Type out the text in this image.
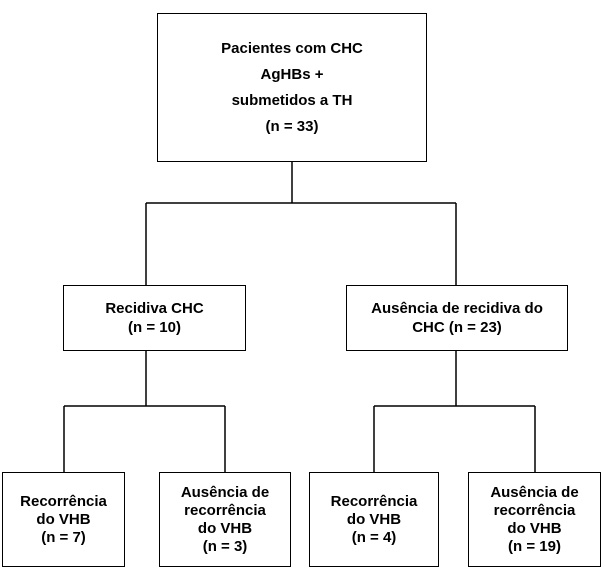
Pacientes com CHC
AgHBs +
submetidos a TH
(n = 33)
Recidiva CHC
(n = 10)
Ausência de recidiva do
CHC (n = 23)
Recorrência
do VHB
(n = 7)
Ausência de
recorrência
do VHB
(n = 3)
Recorrência
do VHB
(n = 4)
Ausência de
recorrência
do VHB
(n = 19)
